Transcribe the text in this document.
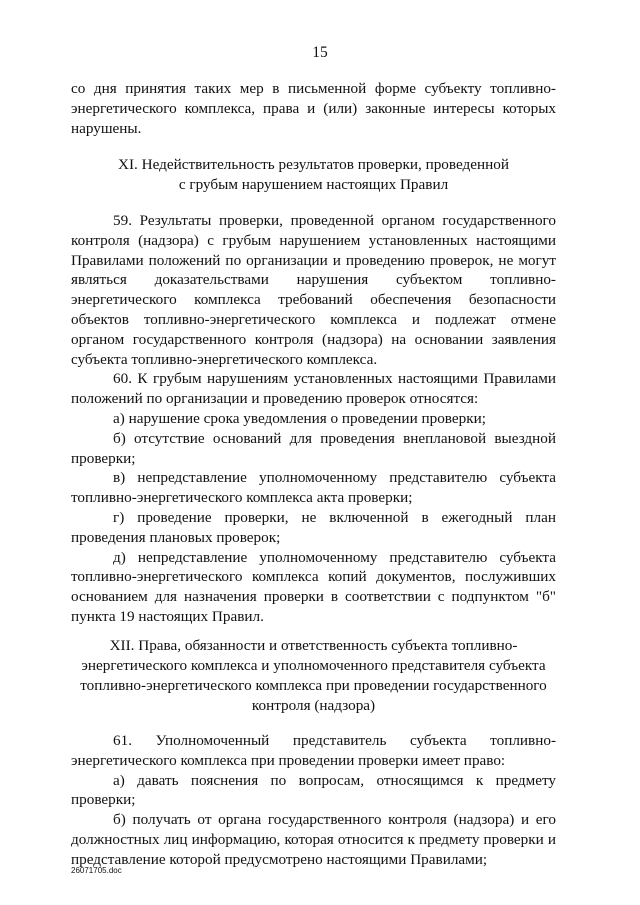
15

со дня принятия таких мер в письменной форме субъекту топливно-энергетического комплекса, права и (или) законные интересы которых нарушены.

XI. Недействительность результатов проверки, проведенной
с грубым нарушением настоящих Правил

59. Результаты проверки, проведенной органом государственного контроля (надзора) с грубым нарушением установленных настоящими Правилами положений по организации и проведению проверок, не могут являться доказательствами нарушения субъектом топливно-энергетического комплекса требований обеспечения безопасности объектов топливно-энергетического комплекса и подлежат отмене органом государственного контроля (надзора) на основании заявления субъекта топливно-энергетического комплекса.

60. К грубым нарушениям установленных настоящими Правилами положений по организации и проведению проверок относятся:

а) нарушение срока уведомления о проведении проверки;

б) отсутствие оснований для проведения внеплановой выездной проверки;

в) непредставление уполномоченному представителю субъекта топливно-энергетического комплекса акта проверки;

г) проведение проверки, не включенной в ежегодный план проведения плановых проверок;

д) непредставление уполномоченному представителю субъекта топливно-энергетического комплекса копий документов, послуживших основанием для назначения проверки в соответствии с подпунктом "б" пункта 19 настоящих Правил.

XII. Права, обязанности и ответственность субъекта топливно-
энергетического комплекса и уполномоченного представителя субъекта
топливно-энергетического комплекса при проведении государственного
контроля (надзора)

61. Уполномоченный представитель субъекта топливно-энергетического комплекса при проведении проверки имеет право:

а) давать пояснения по вопросам, относящимся к предмету проверки;

б) получать от органа государственного контроля (надзора) и его должностных лиц информацию, которая относится к предмету проверки и представление которой предусмотрено настоящими Правилами;

26071705.doc
